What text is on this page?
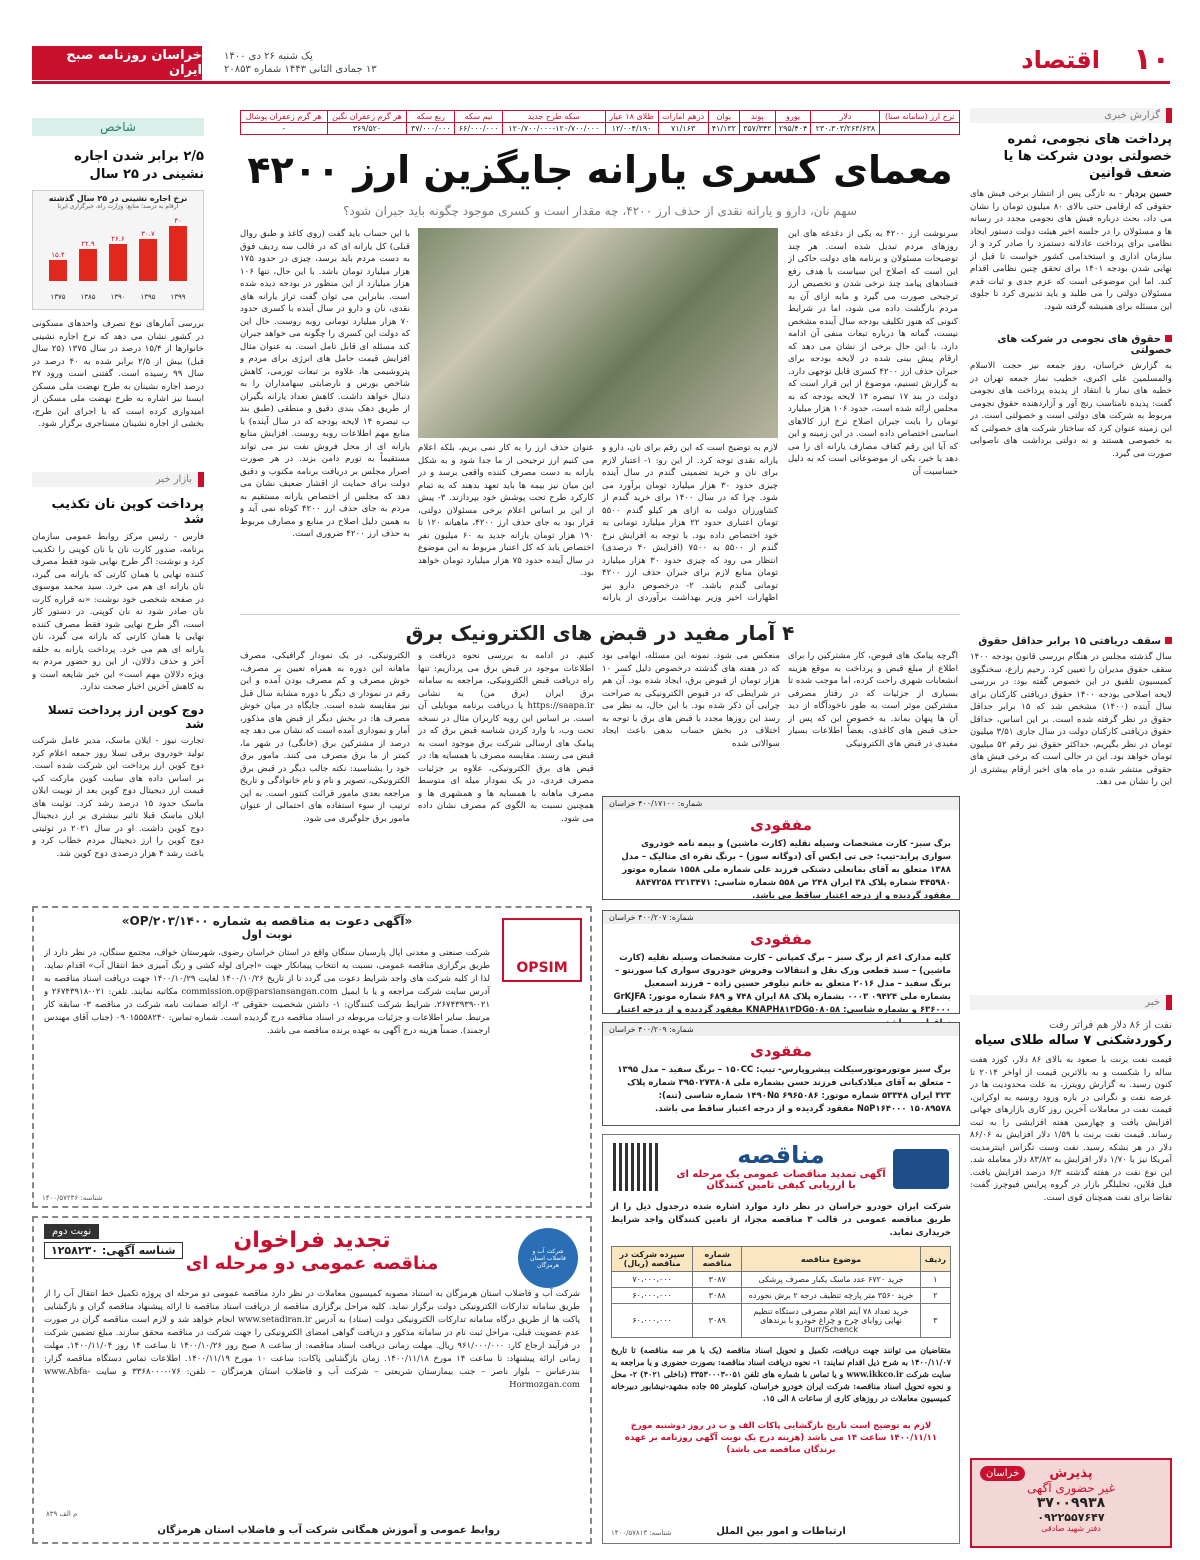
خراسان روزنامه صبح ایران
یک شنبه ۲۶ دی ۱۴۰۰
۱۳ جمادی الثانی ۱۴۴۳ شماره ۲۰۸۵۳	۱۰
اقتصاد
نرخ ارز (سامانه سنا)	دلار	یورو	پوند	یوان	درهم امارات	طلای ۱۸ عیار	سکه طرح جدید	نیم سکه	ربع سکه	هر گرم زعفران نگین	هر گرم زعفران پوشال
	۲۳۰،۳۰۳/۲۶۳/۶۳۸	۲۹۵/۴۰۴	۳۵۷/۳۴۲	۴۱/۱۳۲	۷۱/۱۶۳	۱۲/۰۰۴/۱۹۰	۱۲۰/۷۰۰/۰۰۰-۱۲۰/۷۰۰/۰۰۰	۶۶/۰۰۰/۰۰۰	۳۷/۰۰۰/۰۰۰	۳۶۹/۵۲۰	-
گزارش خبری
پرداخت های نجومی، ثمره خصولتی بودن شرکت ها یا ضعف قوانین
حسین بردبار - به تازگی پس از انتشار برخی فیش های حقوقی که ارقامی حتی بالای ۸۰ میلیون تومان را نشان می داد، بحث درباره فیش های نجومی مجدد در رسانه ها و مسئولان را در جلسه اخیر هیئت دولت دستور ایجاد نظامی برای پرداخت عادلانه دستمزد را صادر کرد و از سازمان اداری و استخدامی کشور خواست تا قبل از نهایی شدن بودجه ۱۴۰۱ برای تحقق چنین نظامی اقدام کند. اما این موضوعی است که عزم جدی و ثبات قدم مسئولان دولتی را می طلبد و باید تدبیری کرد تا جلوی این مسئله برای همیشه گرفته شود.
حقوق های نجومی در شرکت های خصولتی
به گزارش خراسان، روز جمعه نیز حجت الاسلام والمسلمین علی اکبری، خطیب نماز جمعه تهران در خطبه های نماز با انتقاد از پدیده پرداخت های نجومی گفت: پدیده نامناسب رنج آور و آزاردهنده حقوق نجومی مربوط به شرکت های دولتی است و خصولتی است. در این زمینه عنوان کرد که ساختار شرکت های خصولتی که به خصوصی هستند و نه دولتی برداشت های ناصوابی صورت می گیرد.
سقف دریافتی ۱۵ برابر حداقل حقوق
سال گذشته مجلس در هنگام بررسی قانون بودجه ۱۴۰۰ سقف حقوق مدیران را تعیین کرد. رحیم زارع، سخنگوی کمیسیون تلفیق در این خصوص گفته بود: در بررسی لایحه اصلاحی بودجه ۱۴۰۰ حقوق دریافتی کارکنان برای سال آینده (۱۴۰۰) مشخص شد که ۱۵ برابر حداقل حقوق در نظر گرفته شده است. بر این اساس، حداقل حقوق دریافتی کارکنان دولت در سال جاری ۳/۵۱ میلیون تومان در نظر بگیریم، حداکثر حقوق نیز رقم ۵۲ میلیون تومان خواهد بود. این در حالی است که برخی فیش های حقوقی منتشر شده در ماه های اخیر ارقام بیشتری از این را نشان می دهد.
خبر
نفت از ۸۶ دلار هم فراتر رفت
رکوردشکنی ۷ ساله طلای سیاه
قیمت نفت برنت با صعود به بالای ۸۶ دلار، کورد هفت ساله را شکست و به بالاترین قیمت از اواخر ۲۰۱۴ تا کنون رسید. به گزارش رویترز، به علت محدودیت ها در عرضه نفت و نگرانی در باره ورود روسیه به اوکراین، قیمت نفت در معاملات آخرین روز کاری بازارهای جهانی افزایش یافت و چهارمین هفته افزایشی را به ثبت رساند. قیمت نفت برنت با ۱/۵۹ دلار افزایش به ۸۶/۰۶ دلار در هر بشکه رسید. نفت وست تگزاس اینترمدیت آمریکا نیز با ۱/۷۰ دلار افزایش به ۸۳/۸۲ دلار معامله شد. این نوع نفت در هفته گذشته ۶/۲ درصد افزایش یافت. فیل فلاین، تحلیلگر بازار در گروه پرایس فیوچرز گفت: تقاضا برای نفت همچنان قوی است.
خراسان	پذیرش
غیر حضوری آگهی
۳۷۰۰۹۹۳۸
۰۹۲۲۵۵۷۶۴۷
دفتر شهید صادقی
شاخص
۲/۵ برابر شدن اجاره نشینی در ۲۵ سال
نرخ اجاره نشینی در ۲۵ سال گذشته
ارقام به درصد؛ منابع: وزارت راه، خبرگزاری ایرنا
۱۵.۴
۲۲.۹
۲۶.۶
۳۰.۷
۴۰
۱۳۷۵	۱۳۸۵	۱۳۹۰	۱۳۹۵	۱۳۹۹
بررسی آمارهای نوع تصرف واحدهای مسکونی در کشور نشان می دهد که نرخ اجاره نشینی خانوارها از ۱۵/۴ درصد در سال ۱۳۷۵ (۲۵ سال قبل) بیش از ۲/۵ برابر شده به ۴۰ درصد در سال ۹۹ رسیده است. گفتنی است ورود ۲۷ درصد اجاره نشینان به طرح نهضت ملی مسکن ایسنا نیز اشاره به طرح نهضت ملی مسکن از امیدواری کرده است که با اجرای این طرح، بخشی از اجاره نشینان مستاجری برگزار شود.
بازار خبر
پرداخت کوپن نان تکذیب شد
فارس - رئیس مرکز روابط عمومی سازمان برنامه، صدور کارت نان یا نان کوپنی را تکذیب کرد و نوشت: اگر طرح نهایی شود فقط مصرف کننده نهایی یا همان کارتی که یارانه می گیرد، نان یارانه ای هم می خرد. سید محمد موسوی در صفحه شخصی خود نوشت: «نه قراره کارت نان صادر شود نه نان کوپنی. در دستور کار است، اگر طرح نهایی شود فقط مصرف کننده نهایی یا همان کارتی که یارانه می گیرد، نان یارانه ای هم می خرد. پرداخت یارانه به حلقه آخر و حذف دلالان، از این رو حضور مردم به ویژه دلالان مهم است» این خبر شایعه است و به کاهش آخرین اخبار صحت ندارد.
دوج کوین ارز پرداخت تسلا شد
تجارت نیوز - ایلان ماسک، مدیر عامل شرکت تولید خودروی برقی تسلا روز جمعه اعلام کرد دوج کوین ارز پرداخت این شرکت شده است. بر اساس داده های سایت کوین مارکت کپ قیمت ارز دیجیتال دوج کوین بعد از توییت ایلان ماسک حدود ۱۵ درصد رشد کرد. توئیت های ایلان ماسک قبلا تاثیر بیشتری بر ارز دیجیتال دوج کوین داشت. او در سال ۲۰۲۱ در توئیتی دوج کوین را ارز دیجیتال مردم خطاب کرد و باعث رشد ۴ هزار درصدی دوج کوین شد.
معمای کسری یارانه جایگزین ارز ۴۲۰۰
سهم نان، دارو و یارانه نقدی از حذف ارز ۴۲۰۰، چه مقدار است و کسری موجود چگونه باید جبران شود؟
سرنوشت ارز ۴۲۰۰ به یکی از دغدغه های این روزهای مردم تبدیل شده است. هر چند توضیحات مسئولان و برنامه های دولت حاکی از این است که اصلاح این سیاست با هدف رفع فسادهای پیامد چند نرخی شدن و تخصیص ارز ترجیحی صورت می گیرد و مابه ازای آن به مردم بازگشت داده می شود، اما در شرایط کنونی که هنوز تکلیف بودجه سال آینده مشخص نیست، گمانه ها درباره تبعات منفی آن ادامه دارد. با این حال برخی از نشان می دهد که ارقام پیش بینی شده در لایحه بودجه برای جبران حذف ارز ۴۲۰۰ کسری قابل توجهی دارد. به گزارش تسنیم، موضوع از این قرار است که دولت در بند ۱۷ تبصره ۱۴ لایحه بودجه که به مجلس ارائه شده است، حدود ۱۰۶ هزار میلیارد تومان را بابت جبران اصلاح نرخ ارز کالاهای اساسی اختصاص داده است. در این زمینه و این که آیا این رقم کفاف مصارف یارانه ای را می دهد یا خیر، یکی از موضوعاتی است که به دلیل حساسیت آن
لازم به توضیح است که این رقم برای نان، دارو و یارانه نقدی توجه کرد. از این رو: ۱- اعتبار لازم برای نان و خرید تضمینی گندم در سال آینده چیزی حدود ۳۰ هزار میلیارد تومان برآورد می شود. چرا که در سال ۱۴۰۰ برای خرید گندم از کشاورزان دولت به ازای هر کیلو گندم ۵۵۰۰ تومان اعتباری حدود ۲۲ هزار میلیارد تومانی به خود اختصاص داده بود. با توجه به افزایش نرخ گندم از ۵۵۰۰ به ۷۵۰۰ (افزایش ۴۰ درصدی) انتظار می رود که چیزی حدود ۳۰ هزار میلیارد تومان منابع لازم برای جبران حذف ارز ۴۲۰۰ تومانی گندم باشد. ۲- درخصوص دارو نیز اظهارات اخیر وزیر بهداشت برآوردی از یارانه
عنوان حذف ارز را به کار نمی بریم، بلکه اعلام می کنیم ارز ترجیحی از ما جدا شود و به شکل یارانه به دست مصرف کننده واقعی برسد و در این میان نیز بیمه ها باید تعهد بدهند که به تمام کارکرد طرح تحت پوشش خود بپردازند. ۳- پیش از این بر اساس اعلام برخی مسئولان دولتی، قرار بود به جای حذف ارز ۴۲۰۰، ماهیانه ۱۲۰ تا ۱۹۰ هزار تومان یارانه جدید به ۶۰ میلیون نفر اختصاص یابد که کل اعتبار مربوط به این موضوع در سال آینده حدود ۷۵ هزار میلیارد تومان خواهد بود.
با این حساب باید گفت (روی کاغذ و طبق روال قبلی) کل یارانه ای که در قالب سه ردیف فوق به دست مردم باید برسد، چیزی در حدود ۱۷۵ هزار میلیارد تومان باشد. با این حال، تنها ۱۰۶ هزار میلیارد از این منظور در بودجه دیده شده است. بنابراین می توان گفت تراز یارانه های نقدی، نان و دارو در سال آینده با کسری حدود ۷۰ هزار میلیارد تومانی روبه روست. حال این که دولت این کسری را چگونه می خواهد جبران کند مسئله ای قابل تامل است. به عنوان مثال افزایش قیمت حامل های انرژی برای مردم و پتروشیمی ها، علاوه بر تبعات تورمی، کاهش شاخص بورس و نارضایتی سهامداران را به دنبال خواهد داشت. کاهش تعداد یارانه بگیران از طریق دهک بندی دقیق و منطقی (طبق بند ب تبصره ۱۴ لایحه بودجه که در سال آینده) با منابع مهم اطلاعات روبه روست. افزایش منابع یارانه ای از محل فروش نفت نیز می تواند مستقیماً به تورم دامن بزند. در هر صورت اصرار مجلس بر دریافت برنامه مکتوب و دقیق دولت برای حمایت از اقشار ضعیف نشان می دهد که مجلس از اختصاص یارانه مستقیم به مردم به جای حذف ارز ۴۲۰۰ کوتاه نمی آید و به همین دلیل اصلاح در منابع و مصارف مربوط به حذف ارز ۴۲۰۰ ضروری است.
۴ آمار مفید در قبض های الکترونیک برق
اگرچه پیامک های قبوض، کار مشترکین را برای اطلاع از مبلغ قبض و پرداخت به موقع هزینه انشعابات شهری راحت کرده، اما موجب شده تا بسیاری از جزئیات که در رفتار مصرفی مشترکین موثر است به طور ناخودآگاه از دید آن ها پنهان بماند. به خصوص این که پس از حذف قبض های کاغذی، بعضاً اطلاعات بسیار مفیدی در قبض های الکترونیکی
منعکس می شود. نمونه این مسئله، ابهامی بود که در هفته های گذشته درخصوص دلیل کسر ۱۰ هزار تومان از قبوض برق، ایجاد شده بود. آن هم در شرایطی که در قبوض الکترونیکی به صراحت چرایی آن ذکر شده بود. با این حال، به نظر می رسد این روزها مجدد با قبض های برق با توجه به اختلاف در بخش حساب بدهی باعث ایجاد سوالاتی شده
کنیم. در ادامه به بررسی نحوه دریافت و اطلاعات موجود در قبض برق می پردازیم: تنها راه دریافت قبض الکترونیکی، مراجعه به سامانه برق ایران (برق من) به نشانی https://saapa.ir یا دریافت برنامه موبایلی آن است. بر اساس این رویه کاربران مثال در نسخه تحت وب، با وارد کردن شناسه قبض برق که در پیامک های ارسالی شرکت برق موجود است به قبض می رسند. مقایسه مصرف با همسایه ها: در قبض های برق الکترونیکی، علاوه بر جزئیات مصرف فردی، در یک نمودار میله ای متوسط مصرف ماهانه با همسایه ها و همشهری ها و همچنین نسبت به الگوی کم مصرف نشان داده می شود.
الکترونیکی، در یک نمودار گرافیکی، مصرف ماهانه این دوره به همراه تعیین بر مصرف، خوش مصرف و کم مصرف بودن آمده و این رقم در نمودار ی دیگر با دوره مشابه سال قبل نیز مقایسه شده است. جایگاه در میان خوش مصرف ها: در بخش دیگر از قبض های مذکور، آمار و نموداری آمده است که نشان می دهد چه درصد از مشترکین برق (خانگی) در شهر ما، کمتر از ما برق مصرف می کنند. مامور برق خود را بشناسید: نکته جالب دیگر در قبض برق الکترونیکی، تصویر و نام و نام خانوادگی و تاریخ مراجعه بعدی مامور قرائت کنتور است. به این ترتیب از سوء استفاده های احتمالی از عنوان مامور برق جلوگیری می شود.
شماره: ۴۰۰/۱۷۱۰۰ خراسان
مفقودی
برگ سبز- کارت مشخصات وسیله نقلیه (کارت ماشین) و بیمه نامه خودروی سواری پراید-تیپ: جی تی ایکس آی (دوگانه سوز) – برنگ نقره ای متالیک – مدل ۱۳۸۸ متعلق به آقای بمانعلی دشتکی فرزند علی شماره ملی ۱۵۵۸ شماره موتور ۴۴۵۹۸۰ شماره پلاک ۳۸ ایران ۲۴۸ ص ۵۵۸ شماره شاسی: ۳۲۱۳۴۷۱ ۸۸۴۷۲۵۸ مفقود گردیده و از درجه اعتبار ساقط می باشد.
شماره: ۴۰۰/۲۰۷ خراسان
مفقودی
کلیه مدارک اعم از برگ سبز – برگ کمپانی – کارت مشخصات وسیله نقلیه (کارت ماشین) – سند قطعی ورک نقل و انتقالات وفروش خودروی سواری کیا سورنتو – برنگ سفید – مدل ۲۰۱۶ متعلق به خانم نیلوفر حسین زاده – فرزند اسمعیل بشماره ملی ۰۹۴۲۴ ۰۰۰۳ بشماره پلاک ۸۸ ایران ۷۴۸ و ۶۸۹ شماره موتور: GrKJFA ۶۳۶۰۰۰ و بشماره شاسی: KNAPH۸۱۳DG۵۰۸۰۵۸ مفقود گردیده و از درجه اعتبار
شماره: ۴۰۰/۲۰۹ خراسان
مفقودی
برگ سبز موتورموتورسیکلت پیشروپارس- تیپ: ۱۵۰CC – برنگ سفید – مدل ۱۳۹۵ – متعلق به آقای میلادکیانی فرزند حسن بشماره ملی ۳۹۵۰۲۷۳۸۰۸ شماره پلاک ۳۲۳ ایران ۵۳۳۴۸ شماره موتور: ۱۴۹۰N۵ ۶۹۶۵۰۸۶ شماره شاسی (تنه): N۵P۱۶۴۰۰۰ ۱۵۰۸۹۵۷۸ مفقود گردیده و از درجه اعتبار ساقط می باشد.
«آگهی دعوت به مناقصه به شماره ۱۴۰۰/OP/۲۰۳»
نوبت اول
OPSIM
شرکت صنعتی و معدنی اپال پارسیان سنگان واقع در استان خراسان رضوی، شهرستان خواف، مجتمع سنگان، در نظر دارد از طریق برگزاری مناقصه عمومی، نسبت به انتخاب پیمانکار جهت «اجرای لوله کشی و رنگ آمیزی خط انتقال آب» اقدام نماید. لذا از کلیه شرکت های واجد شرایط دعوت می گردد تا از تاریخ ۱۴۰۰/۱۰/۲۶ لغایت ۱۴۰۰/۱۰/۲۹ جهت دریافت اسناد مناقصه به آدرس سایت شرکت مراجعه و یا با ایمیل commission.op@parsiansangan.com مکاتبه نمایند. تلفن: ۰۲۱-۲۶۷۴۳۹۱۸ و ۰۲۱-۲۶۷۴۳۹۳۹. شرایط شرکت کنندگان: ۱- داشتن شخصیت حقوقی ۲- ارائه ضمانت نامه شرکت در مناقصه ۳- سابقه کار مرتبط. سایر اطلاعات و جزئیات مربوطه در اسناد مناقصه درج گردیده است. شماره تماس: ۰۹۰۱۵۵۵۸۲۴۰ (جناب آقای مهندس ارجمند). ضمناً هزینه درج آگهی به عهده برنده مناقصه می باشد.
شناسه: ۱۴۰۰/۵۷۲۳۶
نوبت دوم
شناسه آگهی: ۱۲۵۸۲۳۰	تجدید فراخوان
مناقصه عمومی دو مرحله ای
شرکت آب و فاضلاب استان هرمزگان
شرکت آب و فاضلاب استان هرمزگان به استناد مصوبه کمیسیون معاملات در نظر دارد مناقصه عمومی دو مرحله ای پروژه تکمیل خط انتقال آب را از طریق سامانه تدارکات الکترونیکی دولت برگزار نماید. کلیه مراحل برگزاری مناقصه از دریافت اسناد مناقصه تا ارائه پیشنهاد مناقصه گران و بازگشایی پاکت ها از طریق درگاه سامانه تدارکات الکترونیکی دولت (ستاد) به آدرس www.setadiran.ir انجام خواهد شد و لازم است مناقصه گران در صورت عدم عضویت قبلی، مراحل ثبت نام در سامانه مذکور و دریافت گواهی امضای الکترونیکی را جهت شرکت در مناقصه محقق سازند. مبلغ تضمین شرکت در فرآیند ارجاع کار: ۹۶۱/۰۰۰/۰۰۰ ریال. مهلت زمانی دریافت اسناد مناقصه: از ساعت ۸ صبح روز ۱۴۰۰/۱۰/۲۶ تا ساعت ۱۴ روز ۱۴۰۰/۱۱/۰۴. مهلت زمانی ارائه پیشنهاد: تا ساعت ۱۴ مورخ ۱۴۰۰/۱۱/۱۸. زمان بازگشایی پاکات: ساعت ۱۰ مورخ ۱۴۰۰/۱۱/۱۹. اطلاعات تماس دستگاه مناقصه گزار: بندرعباس – بلوار ناصر – جنب بیمارستان شریعتی – شرکت آب و فاضلاب استان هرمزگان – تلفن: ۰۷۶-۳۳۶۸۰۰۰ و سایت www.Abfa-Hormozgan.com
روابط عمومی و آموزش همگانی شرکت آب و فاضلاب استان هرمزگان
م الف ۸۳۹
مناقصه
آگهی تمدید مناقصات عمومی یک مرحله ای
با ارزیابی کیفی تامین کنندگان
شرکت ایران خودرو خراسان در نظر دارد موارد اشاره شده درجدول ذیل را از طریق مناقصه عمومی در قالب ۳ مناقصه مجزا، از تامین کنندگان واجد شرایط خریداری نماید.
ردیف	موضوع مناقصه	شماره مناقصه	سپرده شرکت در مناقصه (ریال)
۱	خرید ۶۷۲۰ عدد ماسک یکبار مصرف پزشکی	۳۰۸۷	۷۰،۰۰۰،۰۰۰
۲	خرید ۳۵۶۰ متر پارچه تنظیف درجه ۲ برش نخورده	۳۰۸۸	۶۰،۰۰۰،۰۰۰
۳	خرید تعداد ۷۸ آیتم اقلام مصرفی دستگاه تنظیم نهایی زوایای چرخ و چراغ خودرو با برندهای Durr/Schenck	۳۰۸۹	۶۰،۰۰۰،۰۰۰
متقاضیان می توانند جهت دریافت، تکمیل و تحویل اسناد مناقصه (یک یا هر سه مناقصه) تا تاریخ ۱۴۰۰/۱۱/۰۷ به شرح ذیل اقدام نمایند: ۱- نحوه دریافت اسناد مناقصه: بصورت حضوری و یا مراجعه به سایت شرکت www.ikkco.ir و یا تماس با شماره های تلفن ۰۵۱-۳۳۵۳۰۰۰۳ (داخلی ۴۰۲۱) ۲- محل و نحوه تحویل اسناد مناقصه: شرکت ایران خودرو خراسان، کیلومتر ۵۵ جاده مشهد-نیشابور دبیرخانه کمیسیون معاملات در روزهای کاری از ساعات ۸ الی ۱۵.
لازم به توضیح است تاریخ بازگشایی پاکات الف و ب در روز دوشنبه مورخ ۱۴۰۰/۱۱/۱۱ ساعت ۱۴ می باشد (هزینه درج یک نوبت آگهی روزنامه بر عهده برندگان مناقصه می باشد)
ارتباطات و امور بین الملل
شناسه: ۱۴۰۰/۵۷۸۱۳
